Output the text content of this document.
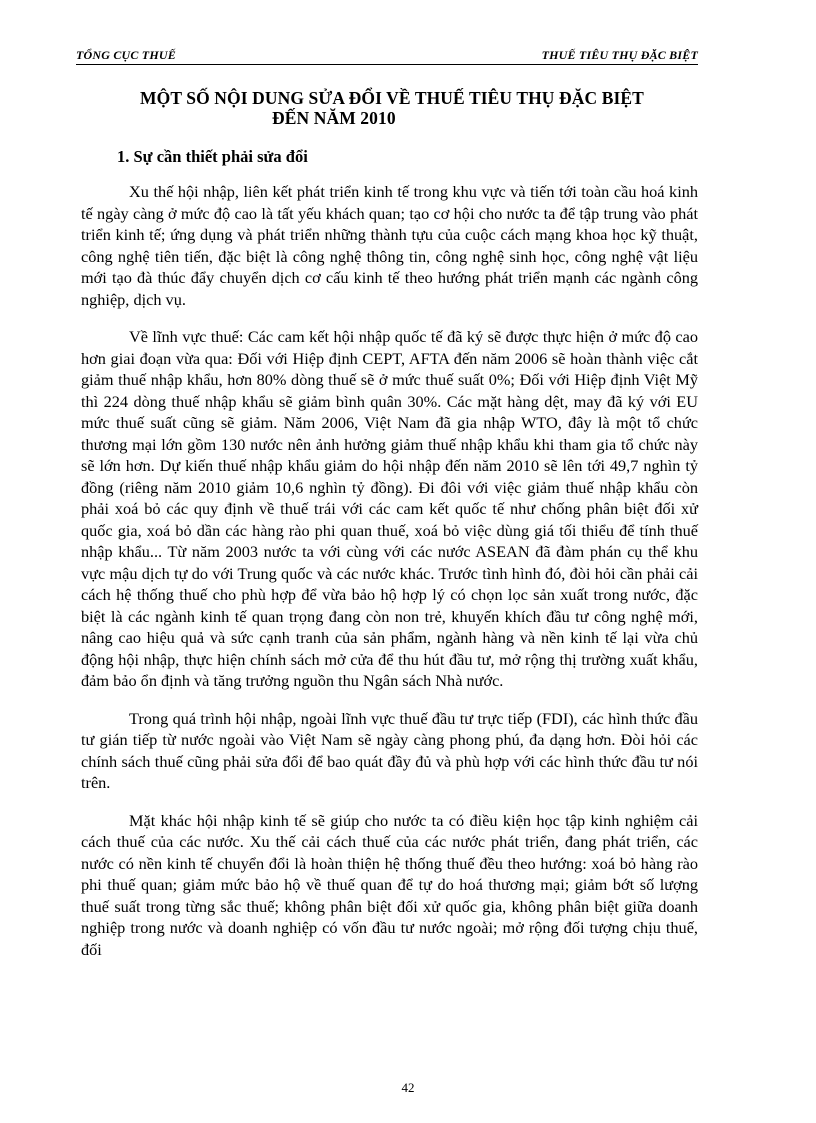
TỔNG CỤC THUẾ	THUẾ TIÊU THỤ ĐẶC BIỆT
MỘT SỐ NỘI DUNG SỬA ĐỔI VỀ THUẾ TIÊU THỤ ĐẶC BIỆT
ĐẾN NĂM 2010
1. Sự cần thiết phải sửa đổi

Xu thế hội nhập, liên kết phát triển kinh tế trong khu vực và tiến tới toàn cầu hoá kinh tế ngày càng ở mức độ cao là tất yếu khách quan; tạo cơ hội cho nước ta để tập trung vào phát triển kinh tế; ứng dụng và phát triển những thành tựu của cuộc cách mạng khoa học kỹ thuật, công nghệ tiên tiến, đặc biệt là công nghệ thông tin, công nghệ sinh học, công nghệ vật liệu mới tạo đà thúc đẩy chuyển dịch cơ cấu kinh tế theo hướng phát triển mạnh các ngành công nghiệp, dịch vụ.

Về lĩnh vực thuế: Các cam kết hội nhập quốc tế đã ký sẽ được thực hiện ở mức độ cao hơn giai đoạn vừa qua: Đối với Hiệp định CEPT, AFTA đến năm 2006 sẽ hoàn thành việc cắt giảm thuế nhập khẩu, hơn 80% dòng thuế sẽ ở mức thuế suất 0%; Đối với Hiệp định Việt Mỹ thì 224 dòng thuế nhập khẩu sẽ giảm bình quân 30%. Các mặt hàng dệt, may đã ký với EU mức thuế suất cũng sẽ giảm. Năm 2006, Việt Nam đã gia nhập WTO, đây là một tổ chức thương mại lớn gồm 130 nước nên ảnh hưởng giảm thuế nhập khẩu khi tham gia tổ chức này sẽ lớn hơn. Dự kiến thuế nhập khẩu giảm do hội nhập đến năm 2010 sẽ lên tới 49,7 nghìn tỷ đồng (riêng năm 2010 giảm 10,6 nghìn tỷ đồng). Đi đôi với việc giảm thuế nhập khẩu còn phải xoá bỏ các quy định về thuế trái với các cam kết quốc tế như chống phân biệt đối xử quốc gia, xoá bỏ dần các hàng rào phi quan thuế, xoá bỏ việc dùng giá tối thiểu để tính thuế nhập khẩu... Từ năm 2003 nước ta với cùng với các nước ASEAN đã đàm phán cụ thể khu vực mậu dịch tự do với Trung quốc và các nước khác. Trước tình hình đó, đòi hỏi cần phải cải cách hệ thống thuế cho phù hợp để vừa bảo hộ hợp lý có chọn lọc sản xuất trong nước, đặc biệt là các ngành kinh tế quan trọng đang còn non trẻ, khuyến khích đầu tư công nghệ mới, nâng cao hiệu quả và sức cạnh tranh của sản phẩm, ngành hàng và nền kinh tế lại vừa chủ động hội nhập, thực hiện chính sách mở cửa để thu hút đầu tư, mở rộng thị trường xuất khẩu, đảm bảo ổn định và tăng trưởng nguồn thu Ngân sách Nhà nước.

Trong quá trình hội nhập, ngoài lĩnh vực thuế đầu tư trực tiếp (FDI), các hình thức đầu tư gián tiếp từ nước ngoài vào Việt Nam sẽ ngày càng phong phú, đa dạng hơn. Đòi hỏi các chính sách thuế cũng phải sửa đổi để bao quát đầy đủ và phù hợp với các hình thức đầu tư nói trên.

Mặt khác hội nhập kinh tế sẽ giúp cho nước ta có điều kiện học tập kinh nghiệm cải cách thuế của các nước. Xu thế cải cách thuế của các nước phát triển, đang phát triển, các nước có nền kinh tế chuyển đổi là hoàn thiện hệ thống thuế đều theo hướng: xoá bỏ hàng rào phi thuế quan; giảm mức bảo hộ về thuế quan để tự do hoá thương mại; giảm bớt số lượng thuế suất trong từng sắc thuế; không phân biệt đối xử quốc gia, không phân biệt giữa doanh nghiệp trong nước và doanh nghiệp có vốn đầu tư nước ngoài; mở rộng đối tượng chịu thuế, đối

42
